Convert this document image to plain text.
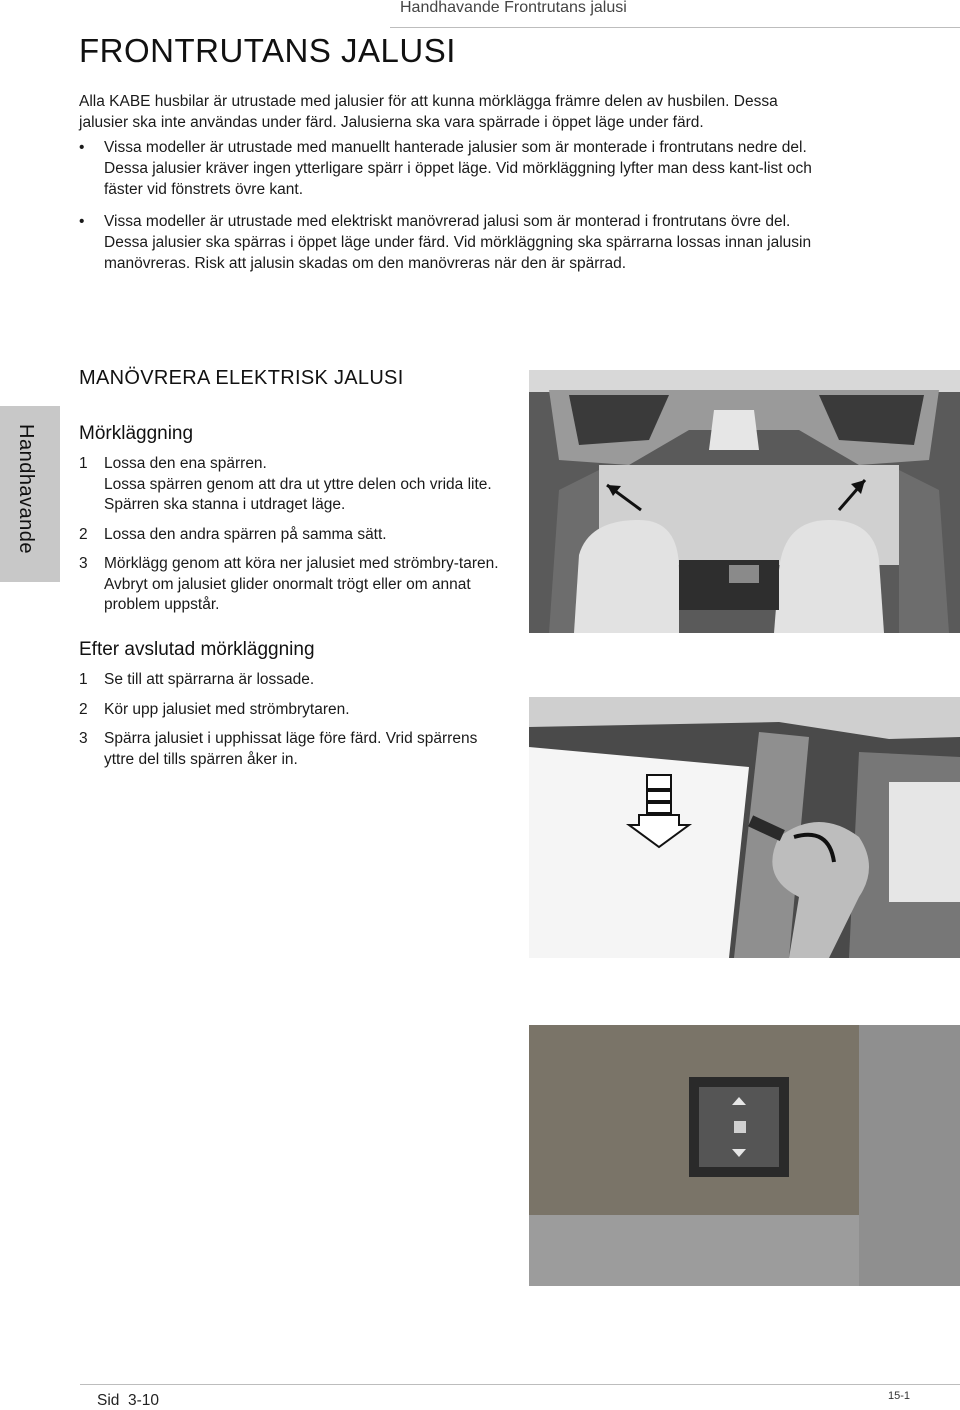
Handhavande Frontrutans jalusi
FRONTRUTANS JALUSI
Alla KABE husbilar är utrustade med jalusier för att kunna mörklägga främre delen av husbilen. Dessa jalusier ska inte användas under färd. Jalusierna ska vara spärrade i öppet läge under färd.
• Vissa modeller är utrustade med manuellt hanterade jalusier som är monterade i frontrutans nedre del. Dessa jalusier kräver ingen ytterligare spärr i öppet läge. Vid mörkläggning lyfter man dess kant-list och fäster vid fönstrets övre kant.
• Vissa modeller är utrustade med elektriskt manövrerad jalusi som är monterad i frontrutans övre del. Dessa jalusier ska spärras i öppet läge under färd. Vid mörkläggning ska spärrarna lossas innan jalusin manövreras. Risk att jalusin skadas om den manövreras när den är spärrad.
MANÖVRERA ELEKTRISK JALUSI
Handhavande Mörkläggning
1 Lossa den ena spärren.
Lossa spärren genom att dra ut yttre delen och vrida lite. Spärren ska stanna i utdraget läge.
2 Lossa den andra spärren på samma sätt.
3 Mörklägg genom att köra ner jalusiet med strömbry-taren. Avbryt om jalusiet glider onormalt trögt eller om annat problem uppstår.
Efter avslutad mörkläggning
1 Se till att spärrarna är lossade.
2 Kör upp jalusiet med strömbrytaren.
3 Spärra jalusiet i upphissat läge före färd. Vrid spärrens yttre del tills spärren åker in.
Sid  3-10	15-1
